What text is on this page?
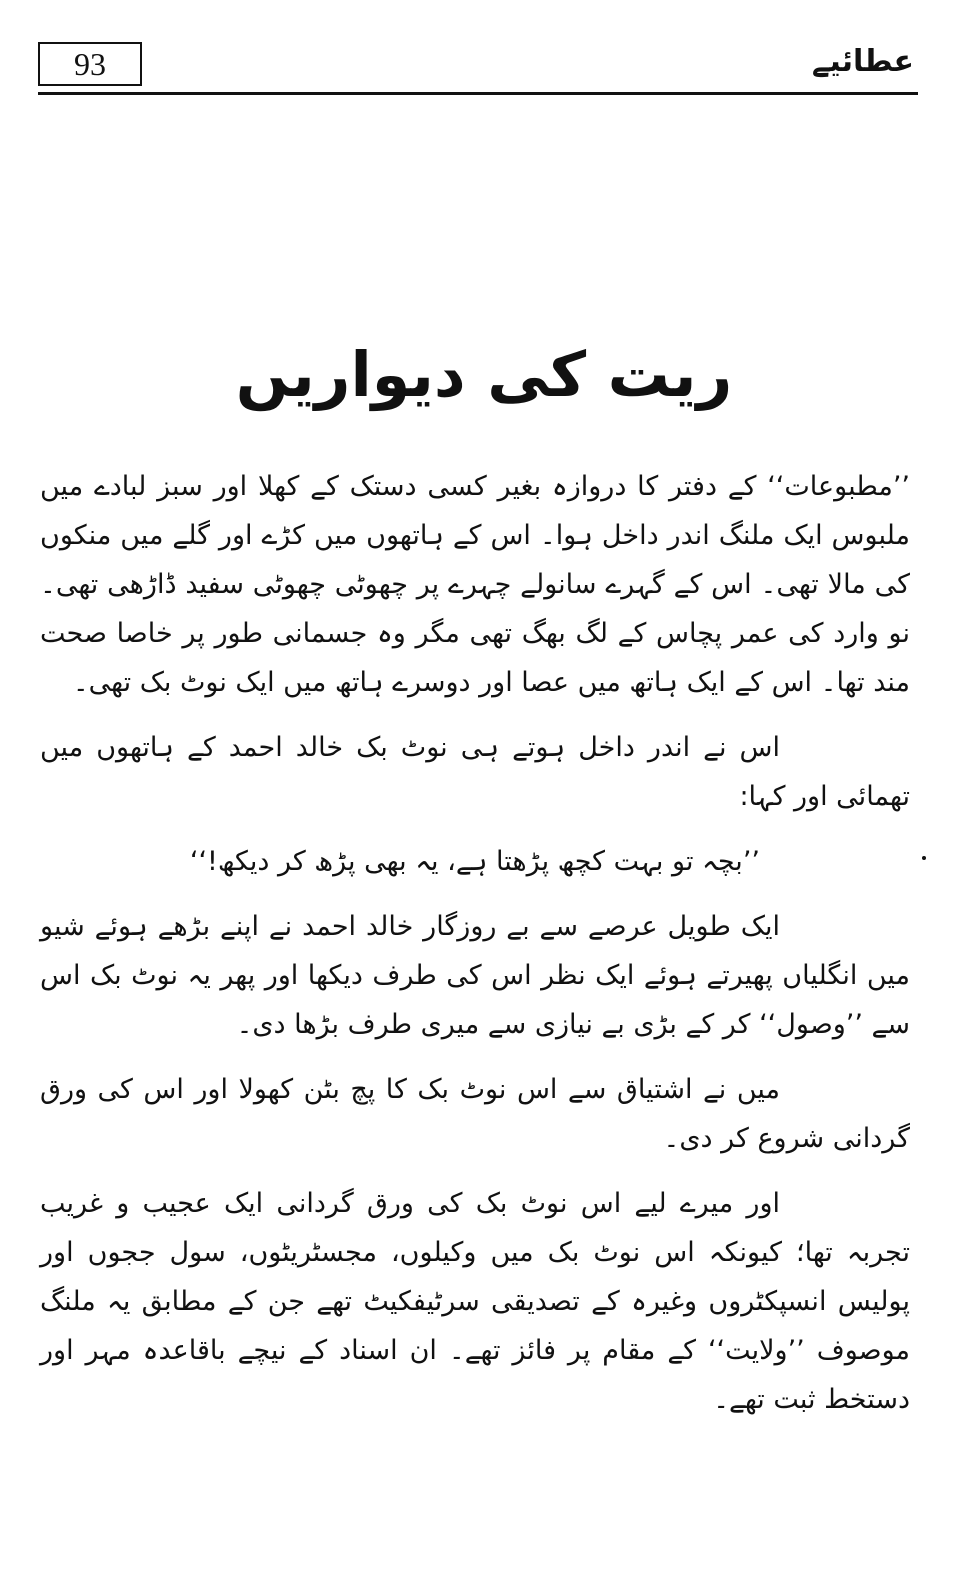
93	عطائیے
ریت کی دیواریں

’’مطبوعات‘‘ کے دفتر کا دروازہ بغیر کسی دستک کے کھلا اور سبز لبادے میں ملبوس ایک ملنگ اندر داخل ہوا۔ اس کے ہاتھوں میں کڑے اور گلے میں منکوں کی مالا تھی۔ اس کے گہرے سانولے چہرے پر چھوٹی چھوٹی سفید ڈاڑھی تھی۔ نو وارد کی عمر پچاس کے لگ بھگ تھی مگر وہ جسمانی طور پر خاصا صحت مند تھا۔ اس کے ایک ہاتھ میں عصا اور دوسرے ہاتھ میں ایک نوٹ بک تھی۔

اس نے اندر داخل ہوتے ہی نوٹ بک خالد احمد کے ہاتھوں میں تھمائی اور کہا:

’’بچہ تو بہت کچھ پڑھتا ہے، یہ بھی پڑھ کر دیکھ!‘‘

ایک طویل عرصے سے بے روزگار خالد احمد نے اپنے بڑھے ہوئے شیو میں انگلیاں پھیرتے ہوئے ایک نظر اس کی طرف دیکھا اور پھر یہ نوٹ بک اس سے ’’وصول‘‘ کر کے بڑی بے نیازی سے میری طرف بڑھا دی۔

میں نے اشتیاق سے اس نوٹ بک کا پچ بٹن کھولا اور اس کی ورق گردانی شروع کر دی۔

اور میرے لیے اس نوٹ بک کی ورق گردانی ایک عجیب و غریب تجربہ تھا؛ کیونکہ اس نوٹ بک میں وکیلوں، مجسٹریٹوں، سول ججوں اور پولیس انسپکٹروں وغیرہ کے تصدیقی سرٹیفکیٹ تھے جن کے مطابق یہ ملنگ موصوف ’’ولایت‘‘ کے مقام پر فائز تھے۔ ان اسناد کے نیچے باقاعدہ مہر اور دستخط ثبت تھے۔
